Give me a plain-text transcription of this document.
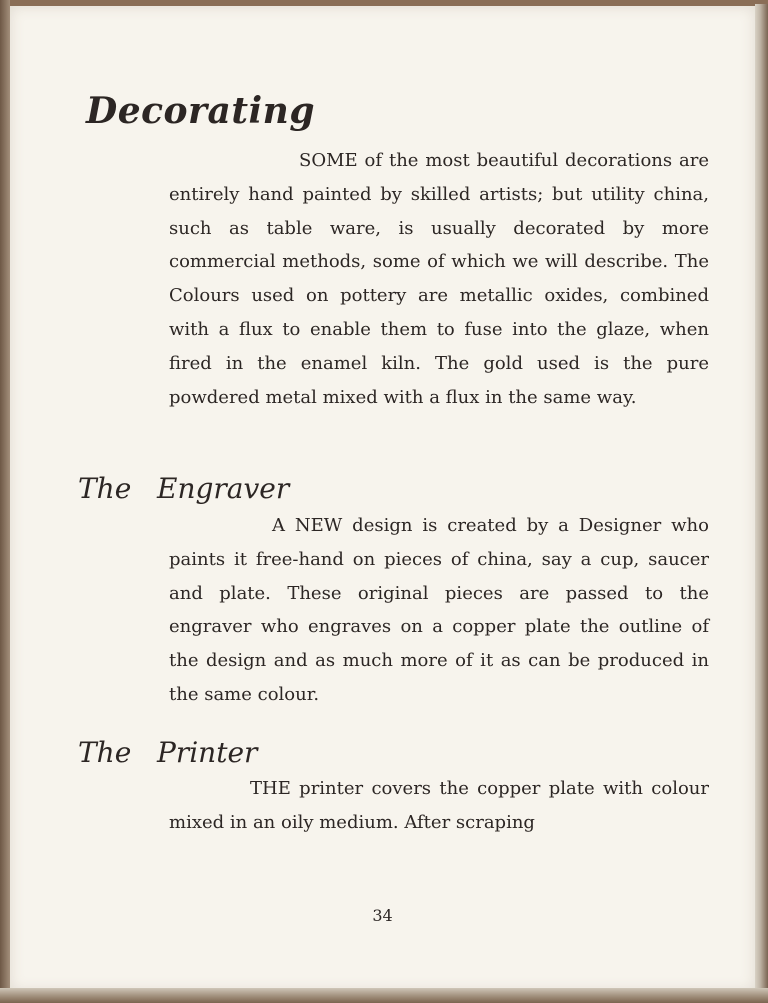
Decorating
SOME of the most beautiful decorations are entirely hand painted by skilled artists; but utility china, such as table ware, is usually decorated by more commercial methods, some of which we will describe. The Colours used on pottery are metallic oxides, combined with a flux to enable them to fuse into the glaze, when fired in the enamel kiln. The gold used is the pure powdered metal mixed with a flux in the same way.
The Engraver
A NEW design is created by a Designer who paints it free-hand on pieces of china, say a cup, saucer and plate. These original pieces are passed to the engraver who engraves on a copper plate the outline of the design and as much more of it as can be produced in the same colour.
The Printer
THE printer covers the copper plate with colour mixed in an oily medium. After scraping
34
